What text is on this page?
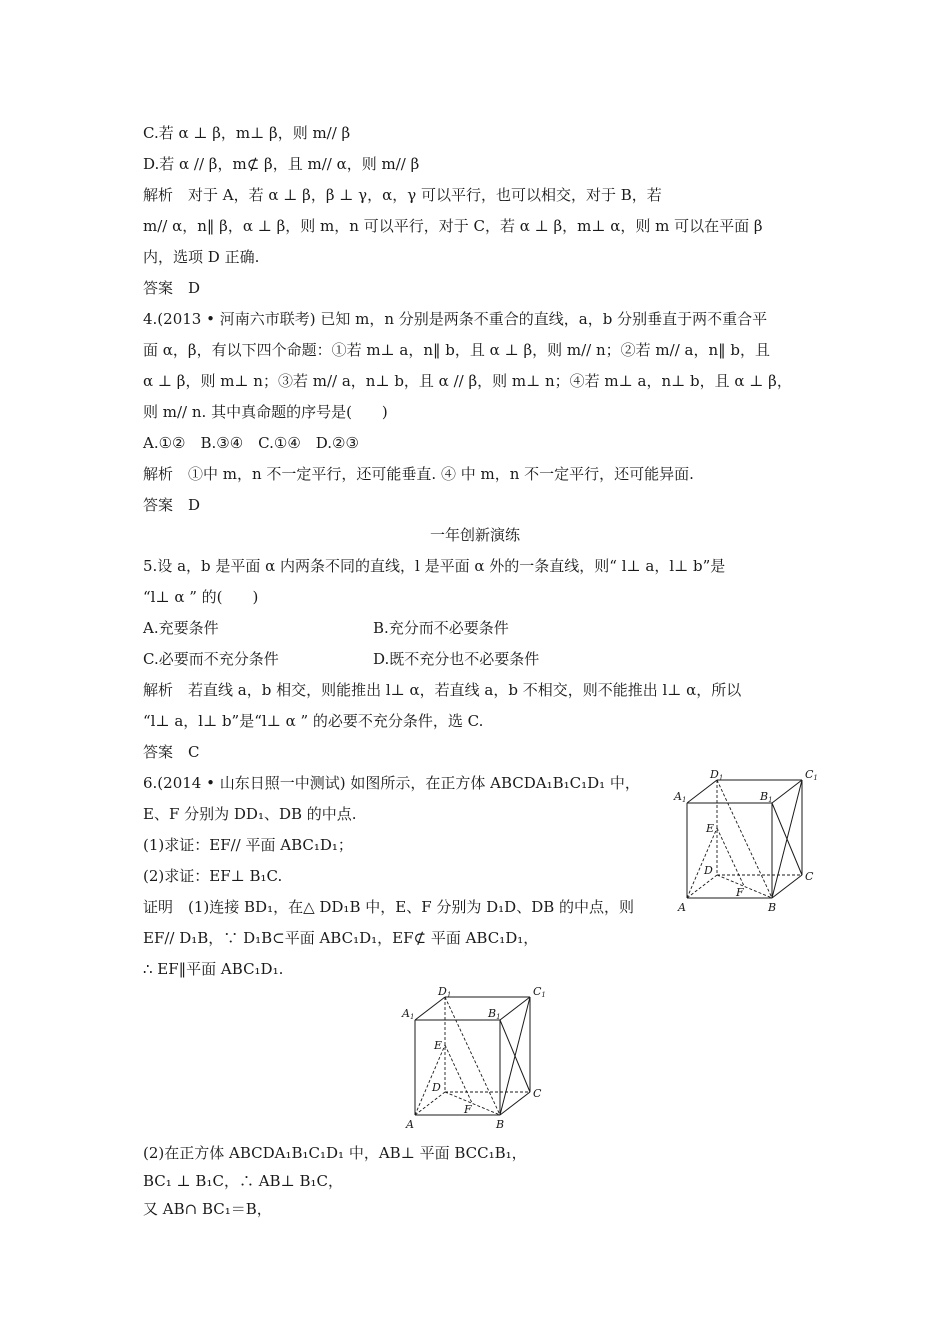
C.若 α ⊥ β，m⊥ β，则 m// β
D.若 α // β，m⊄ β，且 m// α，则 m// β
解析　对于 A，若 α ⊥ β，β ⊥ γ，α，γ 可以平行，也可以相交，对于 B，若
m// α，n‖ β，α ⊥ β，则 m，n 可以平行，对于 C，若 α ⊥ β，m⊥ α，则 m 可以在平面 β
内，选项 D 正确.
答案　D
4.(2013 • 河南六市联考) 已知 m，n 分别是两条不重合的直线，a，b 分别垂直于两不重合平
面 α，β，有以下四个命题：①若 m⊥ a，n‖ b，且 α ⊥ β，则 m// n；②若 m// a，n‖ b，且
α ⊥ β，则 m⊥ n；③若 m// a，n⊥ b，且 α // β，则 m⊥ n；④若 m⊥ a，n⊥ b，且 α ⊥ β，
则 m// n. 其中真命题的序号是(　　)
A.①②　B.③④　C.①④　D.②③
解析　①中 m，n 不一定平行，还可能垂直. ④ 中 m，n 不一定平行，还可能异面.
答案　D
一年创新演练
5.设 a，b 是平面 α 内两条不同的直线，l 是平面 α 外的一条直线，则“ l⊥ a，l⊥ b”是
“l⊥ α ” 的(　　)
A.充要条件	B.充分而不必要条件
C.必要而不充分条件	D.既不充分也不必要条件
解析　若直线 a，b 相交，则能推出 l⊥ α，若直线 a，b 不相交，则不能推出 l⊥ α，所以
“l⊥ a，l⊥ b”是“l⊥ α ” 的必要不充分条件，选 C.
答案　C
6.(2014 • 山东日照一中测试) 如图所示，在正方体 ABCDA₁B₁C₁D₁ 中，
E、F 分别为 DD₁、DB 的中点.
(1)求证：EF// 平面 ABC₁D₁；
(2)求证：EF⊥ B₁C.
证明　(1)连接 BD₁，在△ DD₁B 中，E、F 分别为 D₁D、DB 的中点，则
EF// D₁B，∵ D₁B⊂平面 ABC₁D₁，EF⊄ 平面 ABC₁D₁，
∴ EF‖平面 ABC₁D₁.
(2)在正方体 ABCDA₁B₁C₁D₁ 中，AB⊥ 平面 BCC₁B₁，
BC₁ ⊥ B₁C，∴ AB⊥ B₁C，
又 AB∩ BC₁＝B，
D1	C1
A1	B1
E
D	C
F
A	B
D1	C1
A1	B1
E
D	C
F
A	B
